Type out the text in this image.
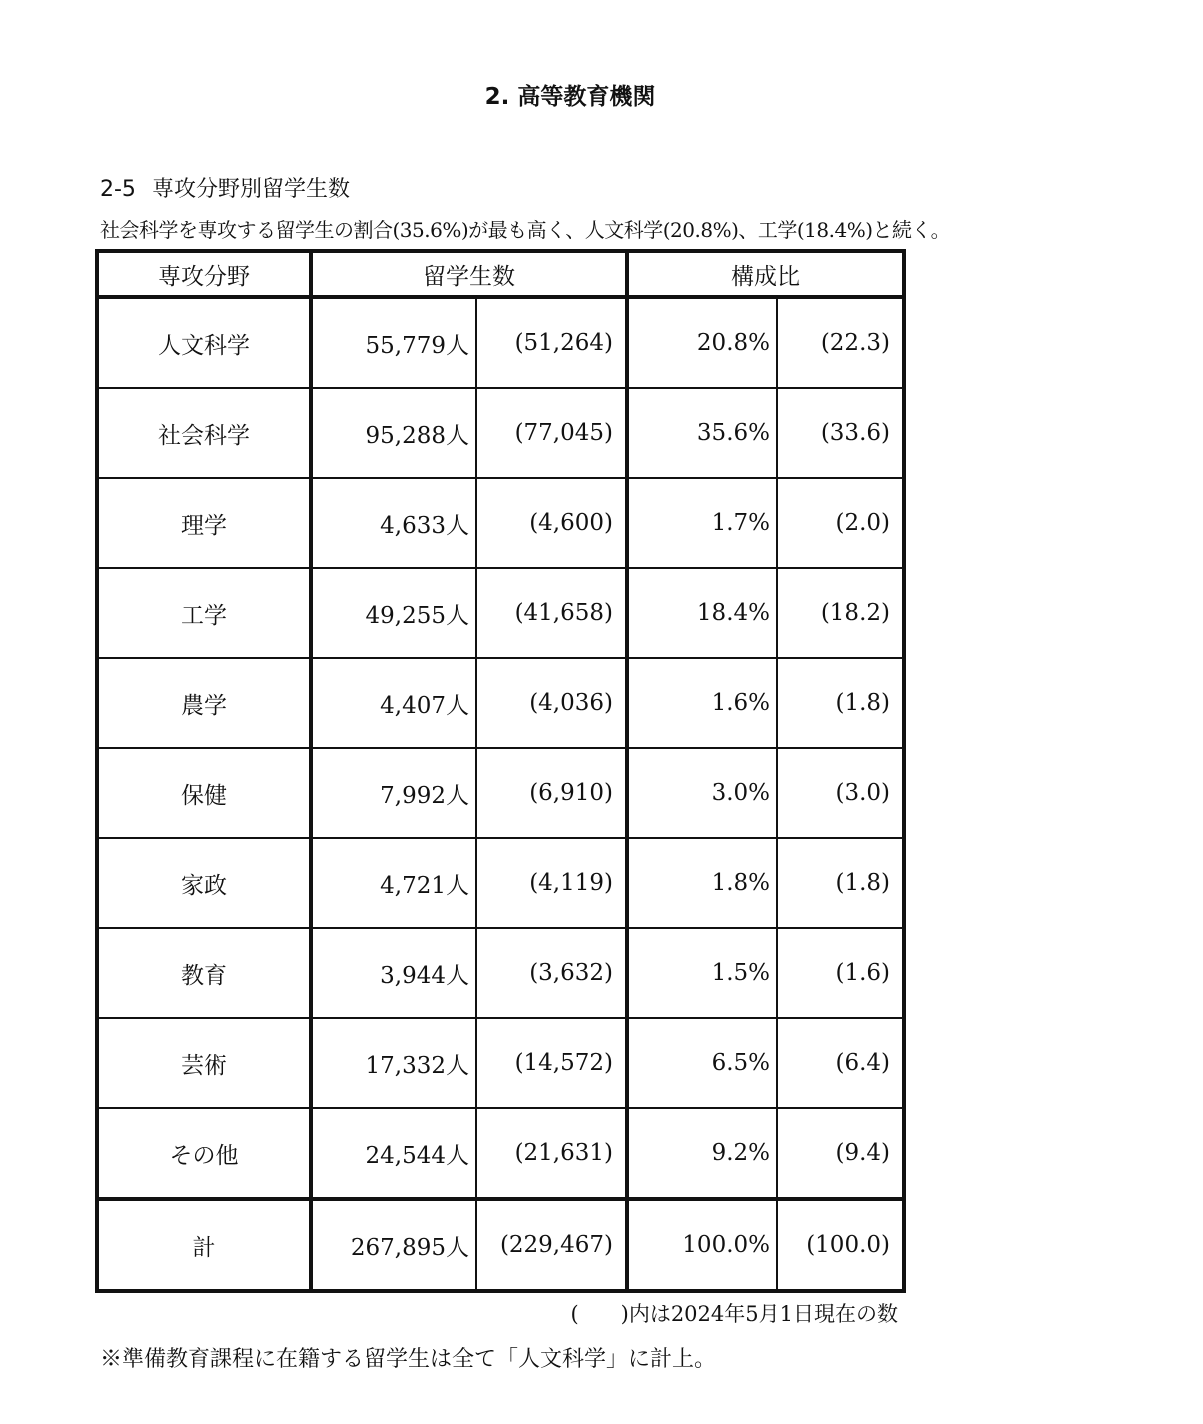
2. 高等教育機関
2-5 専攻分野別留学生数
社会科学を専攻する留学生の割合(35.6%)が最も高く、人文科学(20.8%)、工学(18.4%)と続く。
専攻分野	留学生数		構成比	
人文科学	55,779人	(51,264)	20.8%	(22.3)
社会科学	95,288人	(77,045)	35.6%	(33.6)
理学	4,633人	(4,600)	1.7%	(2.0)
工学	49,255人	(41,658)	18.4%	(18.2)
農学	4,407人	(4,036)	1.6%	(1.8)
保健	7,992人	(6,910)	3.0%	(3.0)
家政	4,721人	(4,119)	1.8%	(1.8)
教育	3,944人	(3,632)	1.5%	(1.6)
芸術	17,332人	(14,572)	6.5%	(6.4)
その他	24,544人	(21,631)	9.2%	(9.4)
計	267,895人	(229,467)	100.0%	(100.0)
(　　)内は2024年5月1日現在の数
※準備教育課程に在籍する留学生は全て「人文科学」に計上。
